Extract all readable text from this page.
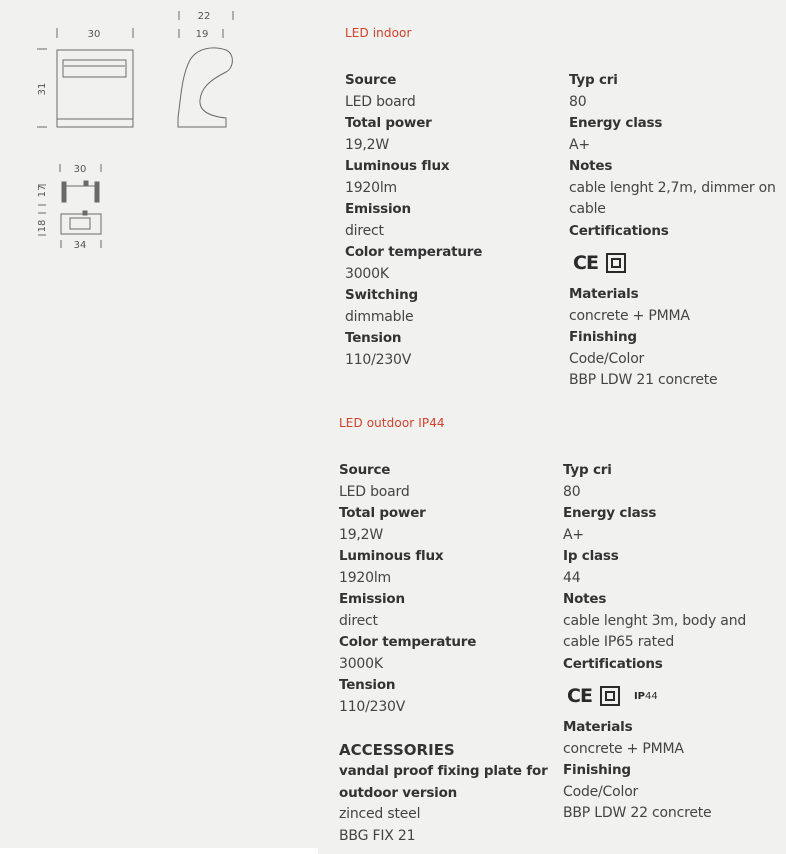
30
31
22
19
30
17
18
34
LED indoor
Source
LED board
Total power
19,2W
Luminous flux
1920lm
Emission
direct
Color temperature
3000K
Switching
dimmable
Tension
110/230V
Typ cri
80
Energy class
A+
Notes
cable lenght 2,7m, dimmer on
cable
Certifications
CE
Materials
concrete + PMMA
Finishing
Code/Color
BBP LDW 21 concrete
LED outdoor IP44
Source
LED board
Total power
19,2W
Luminous flux
1920lm
Emission
direct
Color temperature
3000K
Tension
110/230V
ACCESSORIES
vandal proof fixing plate for
outdoor version
zinced steel
BBG FIX 21
Typ cri
80
Energy class
A+
Ip class
44
Notes
cable lenght 3m, body and
cable IP65 rated
Certifications
CE	IP44
Materials
concrete + PMMA
Finishing
Code/Color
BBP LDW 22 concrete
